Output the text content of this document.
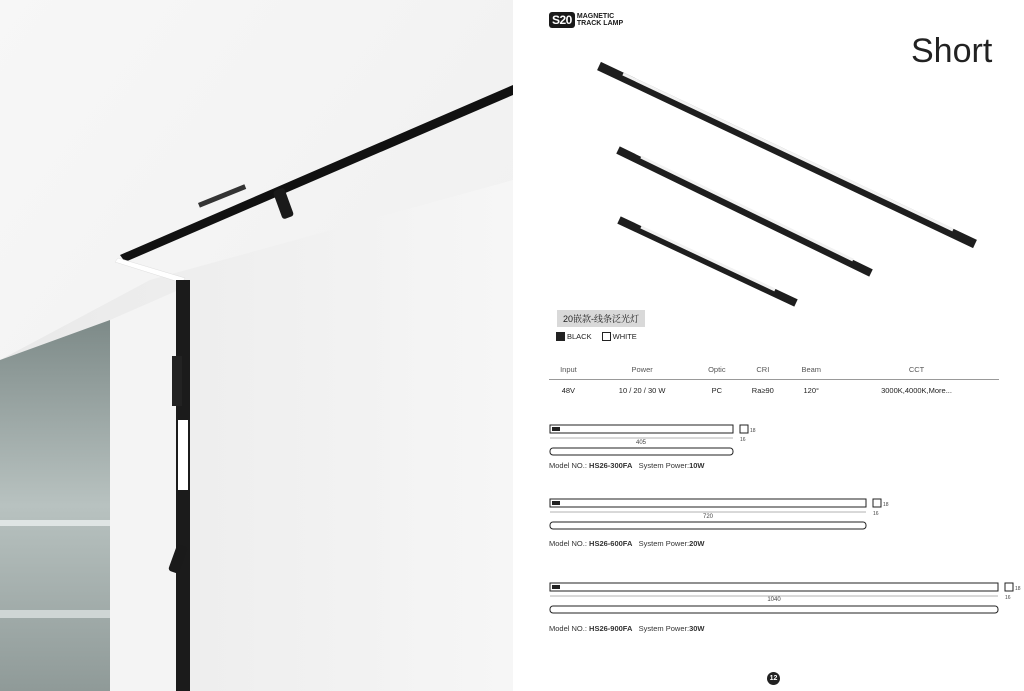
S20 MAGNETIC
TRACK LAMP
Short
20嵌款-线条泛光灯
BLACK	WHITE
Input	Power	Optic	CRI	Beam	CCT
48V	10 / 20 / 30 W	PC	Ra≥90	120°	3000K,4000K,More...
405
18
16
Model NO.: HS26-300FA System Power:10W
720
18
16
Model NO.: HS26-600FA System Power:20W
1040
18
16
Model NO.: HS26-900FA System Power:30W
12
